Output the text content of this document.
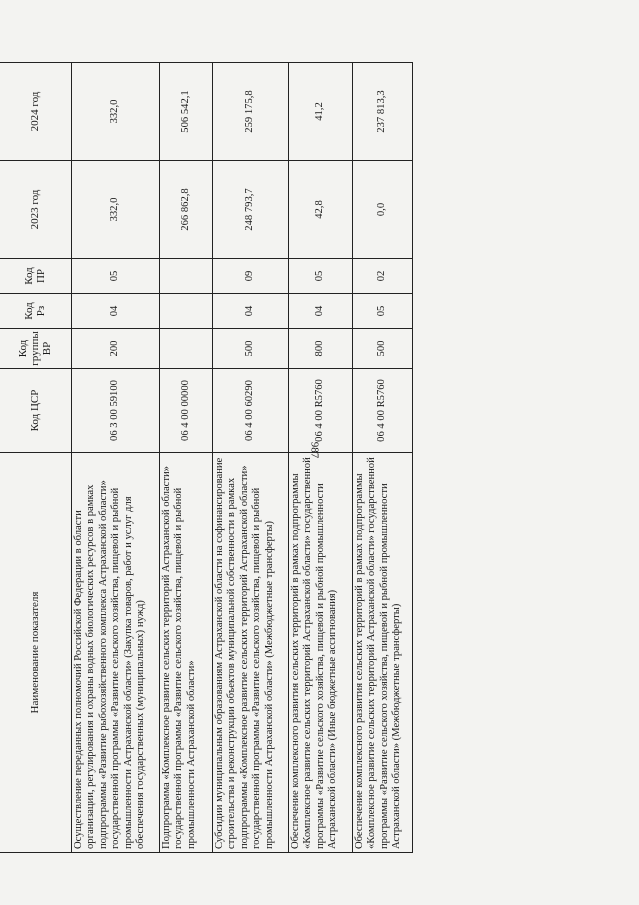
987
Наименование показателя	Код ЦСР	Код группы ВР	Код Рз	Код ПР	2023 год	2024 год
Осуществление переданных полномочий Российской Федерации в области организации, регулирования и охраны водных биологических ресурсов в рамках подпрограммы «Развитие рыбохозяйственного комплекса Астраханской области» государственной программы «Развитие сельского хозяйства, пищевой и рыбной промышленности Астраханской области» (Закупка товаров, работ и услуг для обеспечения государственных (муниципальных) нужд)	06 3 00 59100	200	04	05	332,0	332,0
Подпрограмма «Комплексное развитие сельских территорий Астраханской области» государственной программы «Развитие сельского хозяйства, пищевой и рыбной промышленности Астраханской области»	06 4 00 00000				266 862,8	506 542,1
Субсидии муниципальным образованиям Астраханской области на софинансирование строительства и реконструкции объектов муниципальной собственности в рамках подпрограммы «Комплексное развитие сельских территорий Астраханской области» государственной программы «Развитие сельского хозяйства, пищевой и рыбной промышленности Астраханской области» (Межбюджетные трансферты)	06 4 00 60290	500	04	09	248 793,7	259 175,8
Обеспечение комплексного развития сельских территорий в рамках подпрограммы «Комплексное развитие сельских территорий Астраханской области» государственной программы «Развитие сельского хозяйства, пищевой и рыбной промышленности Астраханской области» (Иные бюджетные ассигнования)	06 4 00 R5760	800	04	05	42,8	41,2
Обеспечение комплексного развития сельских территорий в рамках подпрограммы «Комплексное развитие сельских территорий Астраханской области» государственной программы «Развитие сельского хозяйства, пищевой и рыбной промышленности Астраханской области» (Межбюджетные трансферты)	06 4 00 R5760	500	05	02	0,0	237 813,3
